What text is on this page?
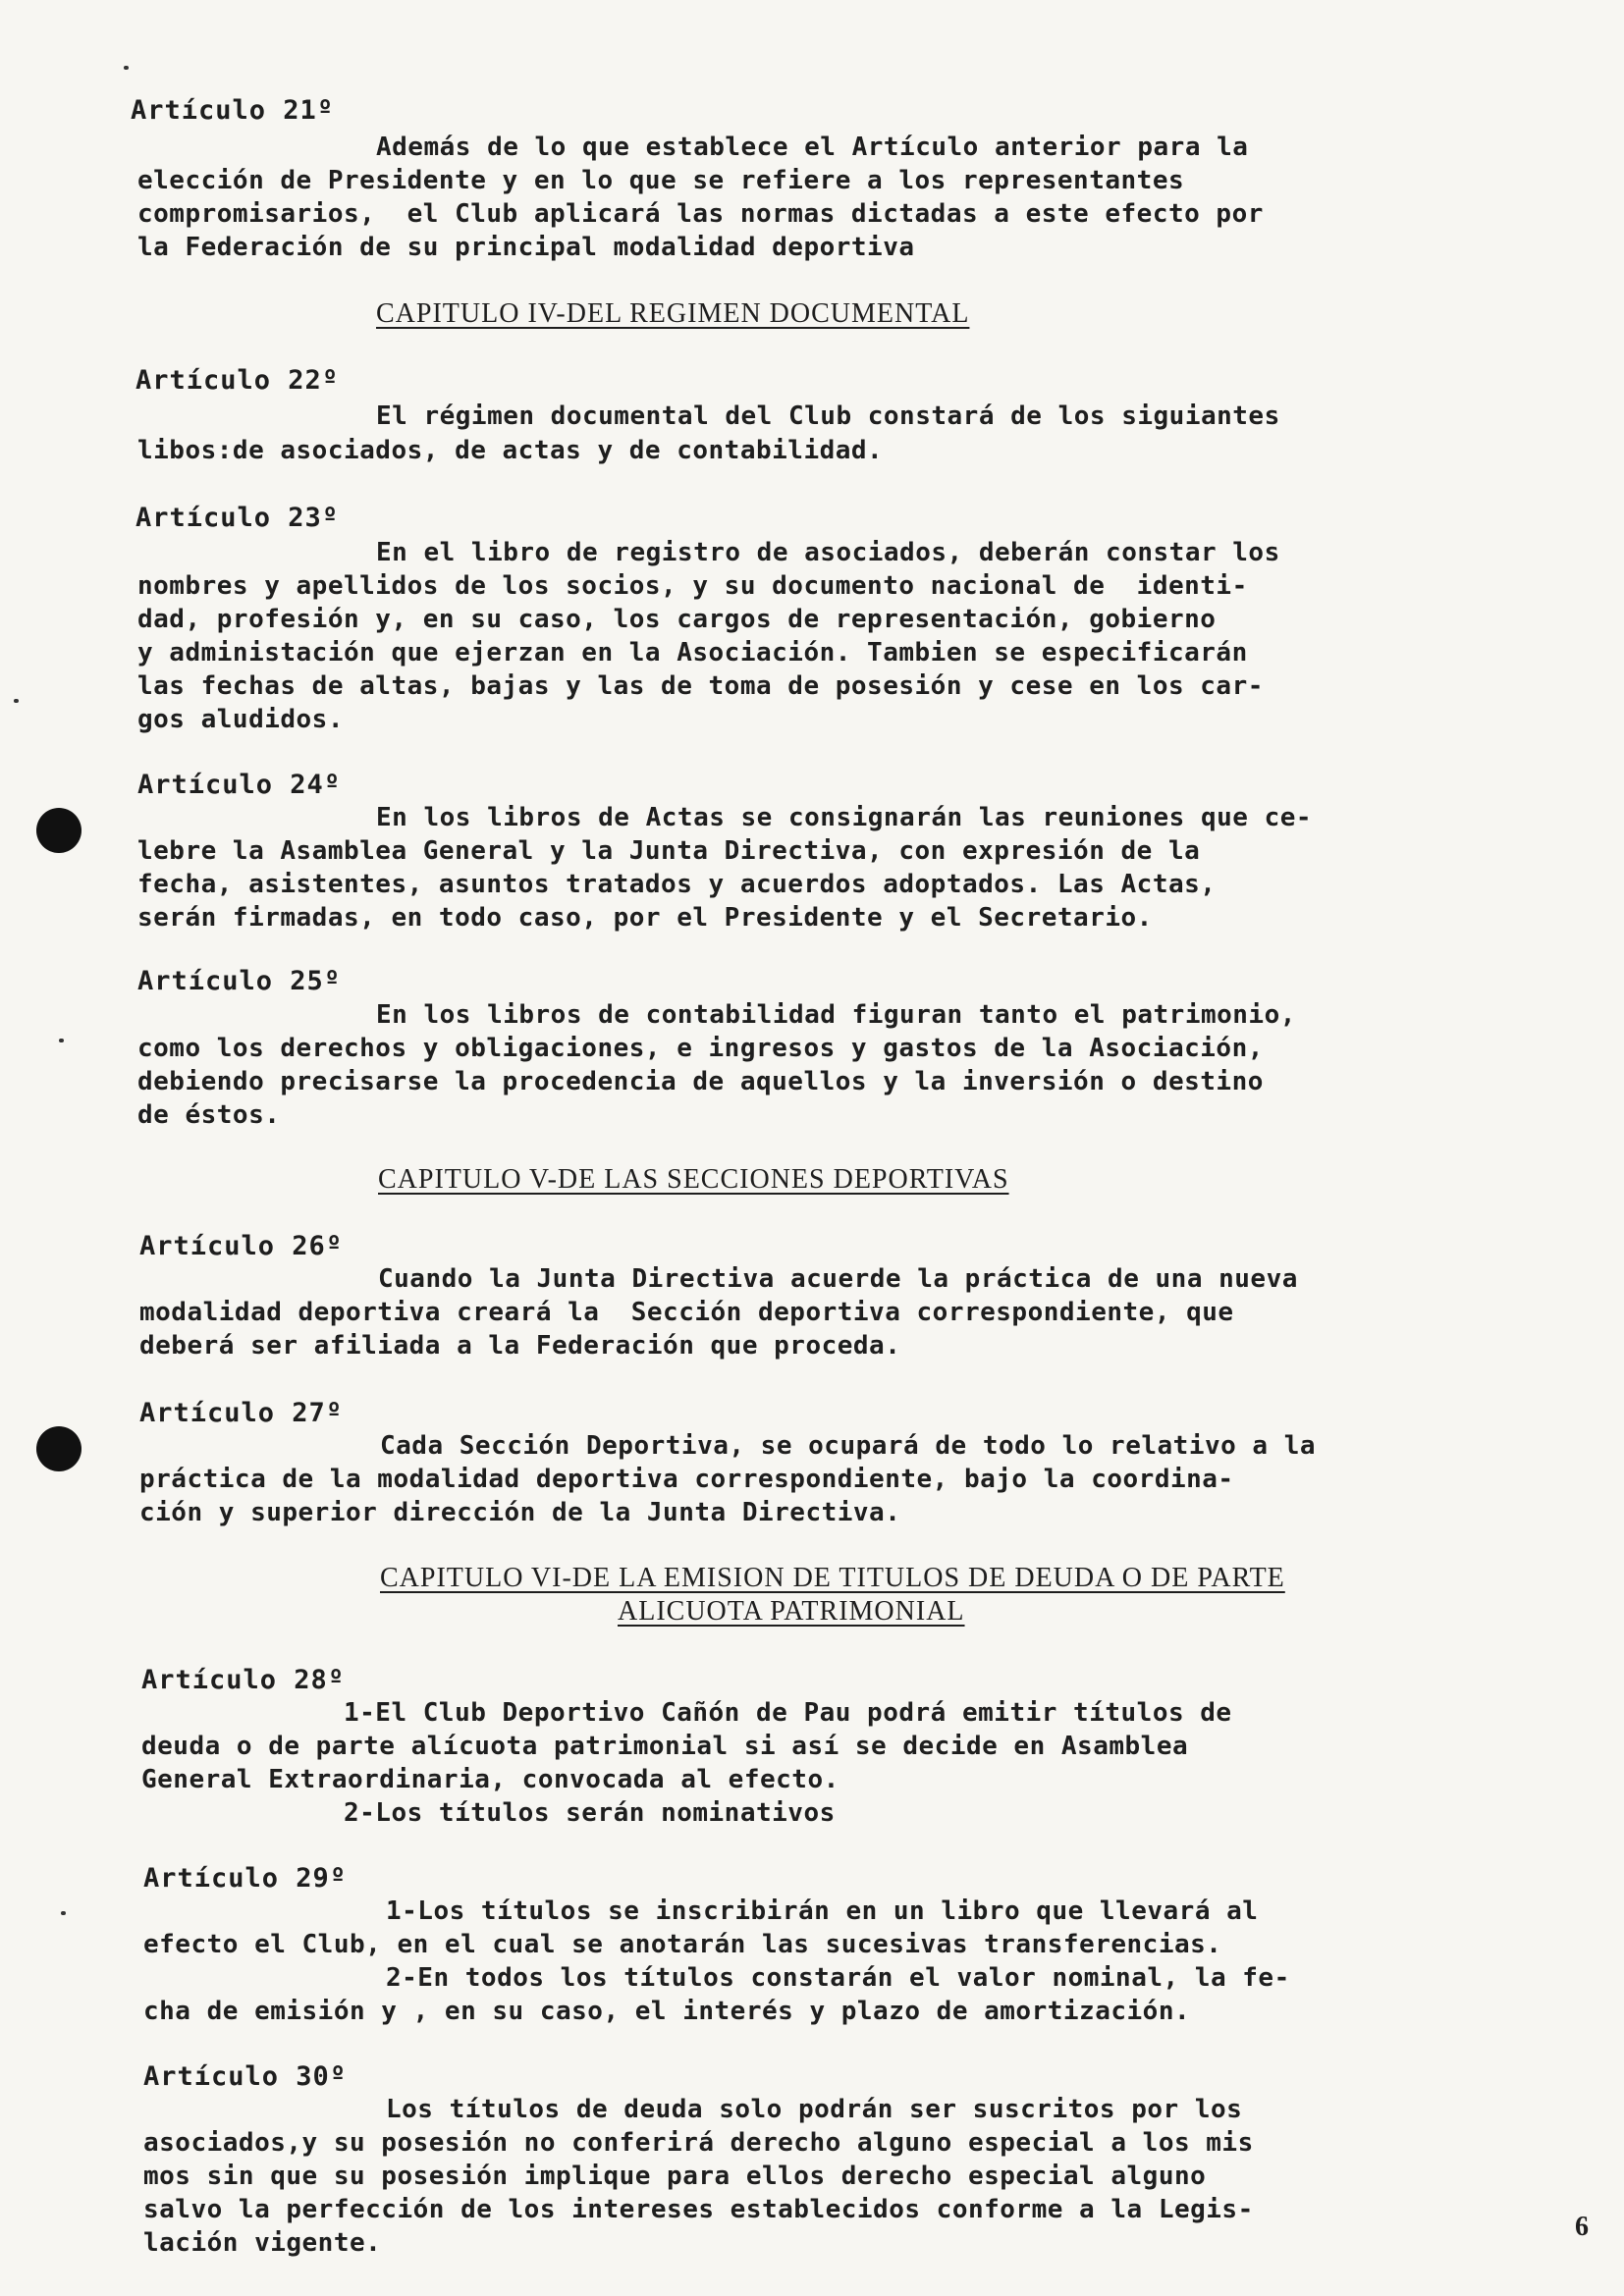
Artículo 21º
Además de lo que establece el Artículo anterior para la
elección de Presidente y en lo que se refiere a los representantes
compromisarios,  el Club aplicará las normas dictadas a este efecto por
la Federación de su principal modalidad deportiva
CAPITULO IV-DEL REGIMEN DOCUMENTAL
Artículo 22º
El régimen documental del Club constará de los siguiantes
libos:de asociados, de actas y de contabilidad.
Artículo 23º
En el libro de registro de asociados, deberán constar los
nombres y apellidos de los socios, y su documento nacional de  identi-
dad, profesión y, en su caso, los cargos de representación, gobierno
y administación que ejerzan en la Asociación. Tambien se especificarán
las fechas de altas, bajas y las de toma de posesión y cese en los car-
gos aludidos.
Artículo 24º
En los libros de Actas se consignarán las reuniones que ce-
lebre la Asamblea General y la Junta Directiva, con expresión de la
fecha, asistentes, asuntos tratados y acuerdos adoptados. Las Actas,
serán firmadas, en todo caso, por el Presidente y el Secretario.
Artículo 25º
En los libros de contabilidad figuran tanto el patrimonio,
como los derechos y obligaciones, e ingresos y gastos de la Asociación,
debiendo precisarse la procedencia de aquellos y la inversión o destino
de éstos.
CAPITULO V-DE LAS SECCIONES DEPORTIVAS
Artículo 26º
Cuando la Junta Directiva acuerde la práctica de una nueva
modalidad deportiva creará la  Sección deportiva correspondiente, que
deberá ser afiliada a la Federación que proceda.
Artículo 27º
Cada Sección Deportiva, se ocupará de todo lo relativo a la
práctica de la modalidad deportiva correspondiente, bajo la coordina-
ción y superior dirección de la Junta Directiva.
CAPITULO VI-DE LA EMISION DE TITULOS DE DEUDA O DE PARTE
ALICUOTA PATRIMONIAL
Artículo 28º
1-El Club Deportivo Cañón de Pau podrá emitir títulos de
deuda o de parte alícuota patrimonial si así se decide en Asamblea
General Extraordinaria, convocada al efecto.
2-Los títulos serán nominativos
Artículo 29º
1-Los títulos se inscribirán en un libro que llevará al
efecto el Club, en el cual se anotarán las sucesivas transferencias.
2-En todos los títulos constarán el valor nominal, la fe-
cha de emisión y , en su caso, el interés y plazo de amortización.
Artículo 30º
Los títulos de deuda solo podrán ser suscritos por los
asociados,y su posesión no conferirá derecho alguno especial a los mis
mos sin que su posesión implique para ellos derecho especial alguno
salvo la perfección de los intereses establecidos conforme a la Legis-
lación vigente.
6
